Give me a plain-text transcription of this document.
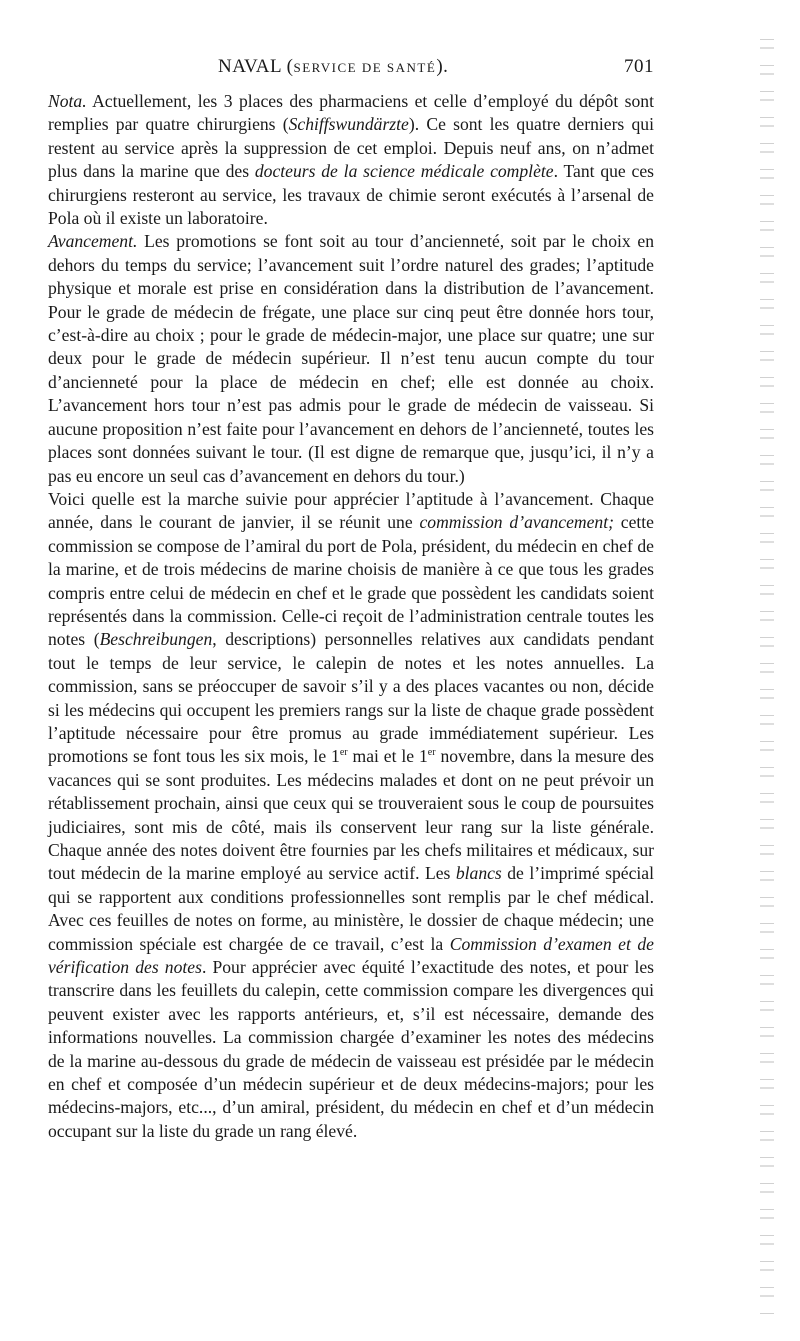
NAVAL (SERVICE DE SANTÉ).	701

Nota. Actuellement, les 3 places des pharmaciens et celle d’employé du dépôt sont remplies par quatre chirurgiens (Schiffswundärzte). Ce sont les quatre derniers qui restent au service après la suppression de cet emploi. Depuis neuf ans, on n’admet plus dans la marine que des docteurs de la science médicale complète. Tant que ces chirurgiens resteront au service, les travaux de chimie seront exécutés à l’arsenal de Pola où il existe un laboratoire.

Avancement. Les promotions se font soit au tour d’ancienneté, soit par le choix en dehors du temps du service; l’avancement suit l’ordre naturel des grades; l’aptitude physique et morale est prise en considération dans la distribution de l’avancement. Pour le grade de médecin de frégate, une place sur cinq peut être donnée hors tour, c’est-à-dire au choix ; pour le grade de médecin-major, une place sur quatre; une sur deux pour le grade de médecin supérieur. Il n’est tenu aucun compte du tour d’ancienneté pour la place de médecin en chef; elle est donnée au choix. L’avancement hors tour n’est pas admis pour le grade de médecin de vaisseau. Si aucune proposition n’est faite pour l’avancement en dehors de l’ancienneté, toutes les places sont données suivant le tour. (Il est digne de remarque que, jusqu’ici, il n’y a pas eu encore un seul cas d’avancement en dehors du tour.)

Voici quelle est la marche suivie pour apprécier l’aptitude à l’avancement. Chaque année, dans le courant de janvier, il se réunit une commission d’avancement; cette commission se compose de l’amiral du port de Pola, président, du médecin en chef de la marine, et de trois médecins de marine choisis de manière à ce que tous les grades compris entre celui de médecin en chef et le grade que possèdent les candidats soient représentés dans la commission. Celle-ci reçoit de l’administration centrale toutes les notes (Beschreibungen, descriptions) personnelles relatives aux candidats pendant tout le temps de leur service, le calepin de notes et les notes annuelles. La commission, sans se préoccuper de savoir s’il y a des places vacantes ou non, décide si les médecins qui occupent les premiers rangs sur la liste de chaque grade possèdent l’aptitude nécessaire pour être promus au grade immédiatement supérieur. Les promotions se font tous les six mois, le 1er mai et le 1er novembre, dans la mesure des vacances qui se sont produites. Les médecins malades et dont on ne peut prévoir un rétablissement prochain, ainsi que ceux qui se trouveraient sous le coup de poursuites judiciaires, sont mis de côté, mais ils conservent leur rang sur la liste générale. Chaque année des notes doivent être fournies par les chefs militaires et médicaux, sur tout médecin de la marine employé au service actif. Les blancs de l’imprimé spécial qui se rapportent aux conditions professionnelles sont remplis par le chef médical. Avec ces feuilles de notes on forme, au ministère, le dossier de chaque médecin; une commission spéciale est chargée de ce travail, c’est la Commission d’examen et de vérification des notes. Pour apprécier avec équité l’exactitude des notes, et pour les transcrire dans les feuillets du calepin, cette commission compare les divergences qui peuvent exister avec les rapports antérieurs, et, s’il est nécessaire, demande des informations nouvelles. La commission chargée d’examiner les notes des médecins de la marine au-dessous du grade de médecin de vaisseau est présidée par le médecin en chef et composée d’un médecin supérieur et de deux médecins-majors; pour les médecins-majors, etc..., d’un amiral, président, du médecin en chef et d’un médecin occupant sur la liste du grade un rang élevé.
